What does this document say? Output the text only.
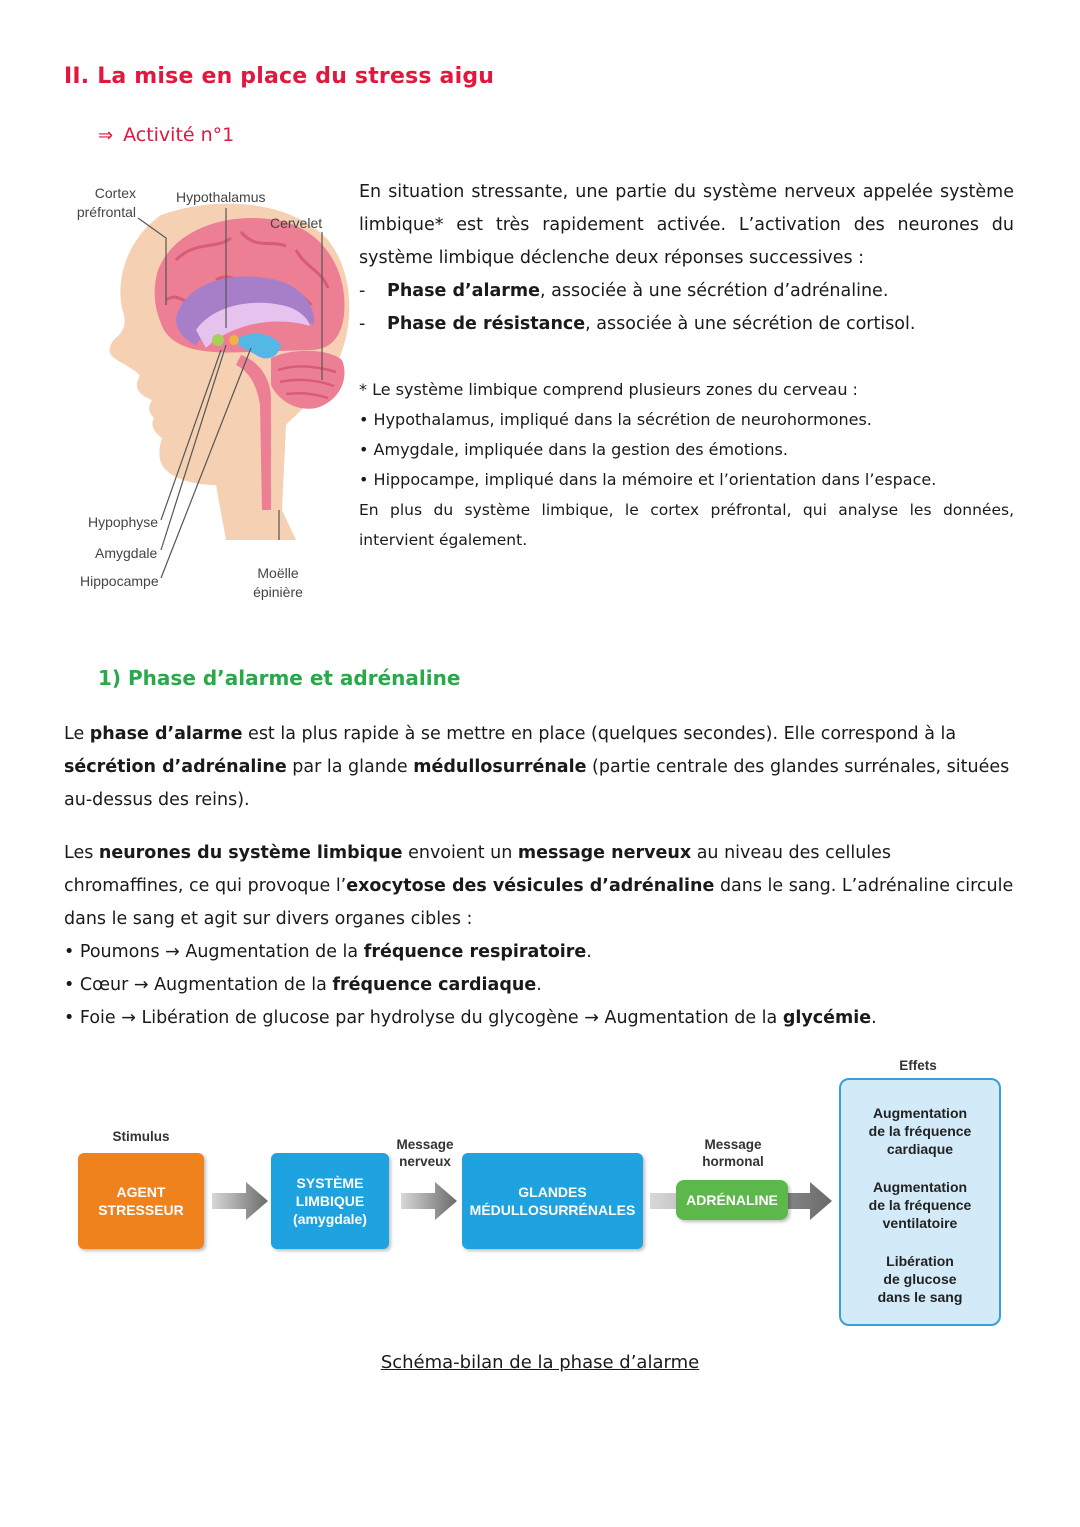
II. La mise en place du stress aigu
⇒ Activité n°1
Cortex
préfrontal
Hypothalamus
Cervelet
Hypophyse
Amygdale
Hippocampe	Moëlle
épinière
En situation stressante, une partie du système nerveux appelée système limbique* est très rapidement activée. L’activation des neurones du système limbique déclenche deux réponses successives :
- Phase d’alarme, associée à une sécrétion d’adrénaline.
- Phase de résistance, associée à une sécrétion de cortisol.
* Le système limbique comprend plusieurs zones du cerveau :
• Hypothalamus, impliqué dans la sécrétion de neurohormones.
• Amygdale, impliquée dans la gestion des émotions.
• Hippocampe, impliqué dans la mémoire et l’orientation dans l’espace.
En plus du système limbique, le cortex préfrontal, qui analyse les données, intervient également.
1) Phase d’alarme et adrénaline
Le phase d’alarme est la plus rapide à se mettre en place (quelques secondes). Elle correspond à la sécrétion d’adrénaline par la glande médullosurrénale (partie centrale des glandes surrénales, situées au-dessus des reins).
Les neurones du système limbique envoient un message nerveux au niveau des cellules chromaffines, ce qui provoque l’exocytose des vésicules d’adrénaline dans le sang. L’adrénaline circule dans le sang et agit sur divers organes cibles :
• Poumons → Augmentation de la fréquence respiratoire.
• Cœur → Augmentation de la fréquence cardiaque.
• Foie → Libération de glucose par hydrolyse du glycogène → Augmentation de la glycémie.
Stimulus
AGENT
STRESSEUR
SYSTÈME
LIMBIQUE
(amygdale)
Message
nerveux
GLANDES
MÉDULLOSURRÉNALES
Message
hormonal
ADRÉNALINE
Effets
Augmentation
de la fréquence
cardiaque
Augmentation
de la fréquence
ventilatoire
Libération
de glucose
dans le sang
Schéma-bilan de la phase d’alarme
